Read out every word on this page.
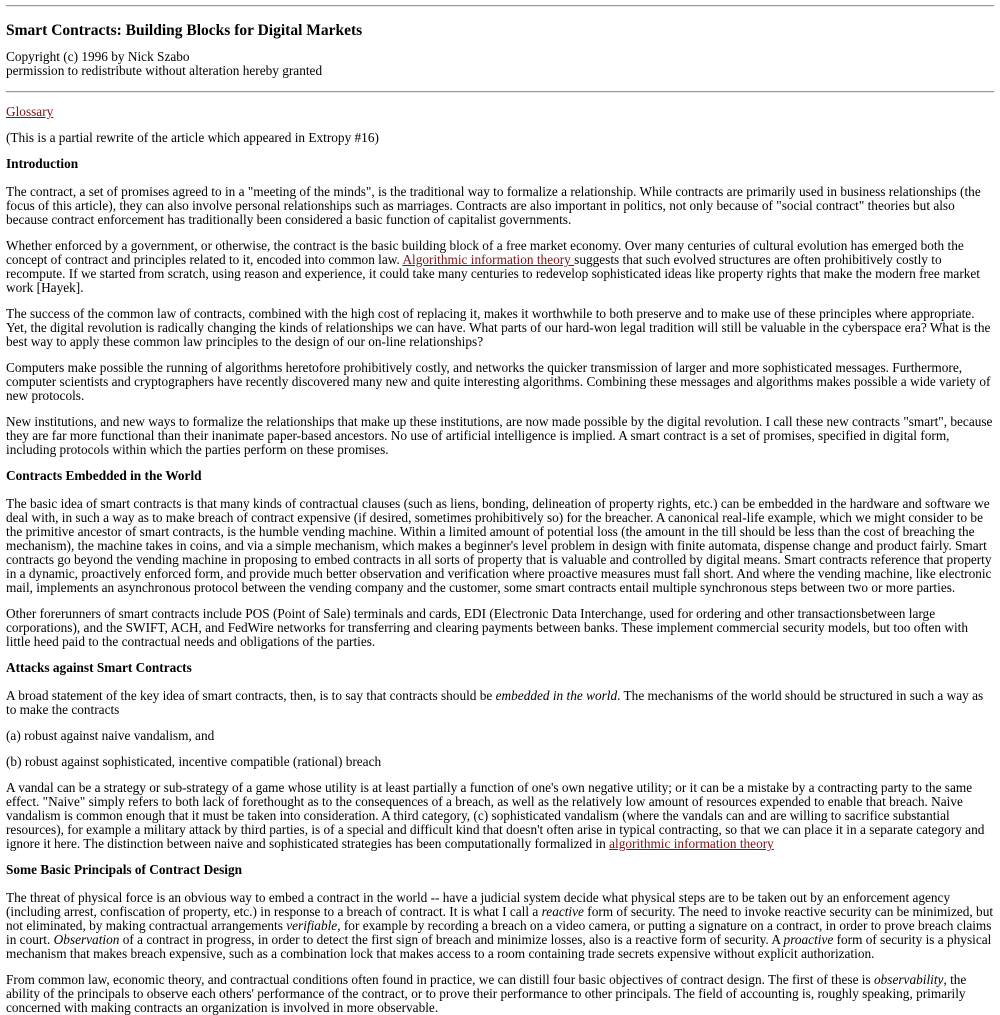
Smart Contracts: Building Blocks for Digital Markets

Copyright (c) 1996 by Nick Szabo
permission to redistribute without alteration hereby granted

Glossary

(This is a partial rewrite of the article which appeared in Extropy #16)

Introduction

The contract, a set of promises agreed to in a "meeting of the minds", is the traditional way to formalize a relationship. While contracts are primarily used in business relationships (the focus of this article), they can also involve personal relationships such as marriages. Contracts are also important in politics, not only because of "social contract" theories but also because contract enforcement has traditionally been considered a basic function of capitalist governments.

Whether enforced by a government, or otherwise, the contract is the basic building block of a free market economy. Over many centuries of cultural evolution has emerged both the concept of contract and principles related to it, encoded into common law. Algorithmic information theory suggests that such evolved structures are often prohibitively costly to recompute. If we started from scratch, using reason and experience, it could take many centuries to redevelop sophisticated ideas like property rights that make the modern free market work [Hayek].

The success of the common law of contracts, combined with the high cost of replacing it, makes it worthwhile to both preserve and to make use of these principles where appropriate. Yet, the digital revolution is radically changing the kinds of relationships we can have. What parts of our hard-won legal tradition will still be valuable in the cyberspace era? What is the best way to apply these common law principles to the design of our on-line relationships?

Computers make possible the running of algorithms heretofore prohibitively costly, and networks the quicker transmission of larger and more sophisticated messages. Furthermore, computer scientists and cryptographers have recently discovered many new and quite interesting algorithms. Combining these messages and algorithms makes possible a wide variety of new protocols.

New institutions, and new ways to formalize the relationships that make up these institutions, are now made possible by the digital revolution. I call these new contracts "smart", because they are far more functional than their inanimate paper-based ancestors. No use of artificial intelligence is implied. A smart contract is a set of promises, specified in digital form, including protocols within which the parties perform on these promises.

Contracts Embedded in the World

The basic idea of smart contracts is that many kinds of contractual clauses (such as liens, bonding, delineation of property rights, etc.) can be embedded in the hardware and software we deal with, in such a way as to make breach of contract expensive (if desired, sometimes prohibitively so) for the breacher. A canonical real-life example, which we might consider to be the primitive ancestor of smart contracts, is the humble vending machine. Within a limited amount of potential loss (the amount in the till should be less than the cost of breaching the mechanism), the machine takes in coins, and via a simple mechanism, which makes a beginner's level problem in design with finite automata, dispense change and product fairly. Smart contracts go beyond the vending machine in proposing to embed contracts in all sorts of property that is valuable and controlled by digital means. Smart contracts reference that property in a dynamic, proactively enforced form, and provide much better observation and verification where proactive measures must fall short. And where the vending machine, like electronic mail, implements an asynchronous protocol between the vending company and the customer, some smart contracts entail multiple synchronous steps between two or more parties.

Other forerunners of smart contracts include POS (Point of Sale) terminals and cards, EDI (Electronic Data Interchange, used for ordering and other transactionsbetween large corporations), and the SWIFT, ACH, and FedWire networks for transferring and clearing payments between banks. These implement commercial security models, but too often with little heed paid to the contractual needs and obligations of the parties.

Attacks against Smart Contracts

A broad statement of the key idea of smart contracts, then, is to say that contracts should be embedded in the world. The mechanisms of the world should be structured in such a way as to make the contracts

(a) robust against naive vandalism, and

(b) robust against sophisticated, incentive compatible (rational) breach

A vandal can be a strategy or sub-strategy of a game whose utility is at least partially a function of one's own negative utility; or it can be a mistake by a contracting party to the same effect. "Naive" simply refers to both lack of forethought as to the consequences of a breach, as well as the relatively low amount of resources expended to enable that breach. Naive vandalism is common enough that it must be taken into consideration. A third category, (c) sophisticated vandalism (where the vandals can and are willing to sacrifice substantial resources), for example a military attack by third parties, is of a special and difficult kind that doesn't often arise in typical contracting, so that we can place it in a separate category and ignore it here. The distinction between naive and sophisticated strategies has been computationally formalized in algorithmic information theory

Some Basic Principals of Contract Design

The threat of physical force is an obvious way to embed a contract in the world -- have a judicial system decide what physical steps are to be taken out by an enforcement agency (including arrest, confiscation of property, etc.) in response to a breach of contract. It is what I call a reactive form of security. The need to invoke reactive security can be minimized, but not eliminated, by making contractual arrangements verifiable, for example by recording a breach on a video camera, or putting a signature on a contract, in order to prove breach claims in court. Observation of a contract in progress, in order to detect the first sign of breach and minimize losses, also is a reactive form of security. A proactive form of security is a physical mechanism that makes breach expensive, such as a combination lock that makes access to a room containing trade secrets expensive without explicit authorization.

From common law, economic theory, and contractual conditions often found in practice, we can distill four basic objectives of contract design. The first of these is observability, the ability of the principals to observe each others' performance of the contract, or to prove their performance to other principals. The field of accounting is, roughly speaking, primarily concerned with making contracts an organization is involved in more observable.
